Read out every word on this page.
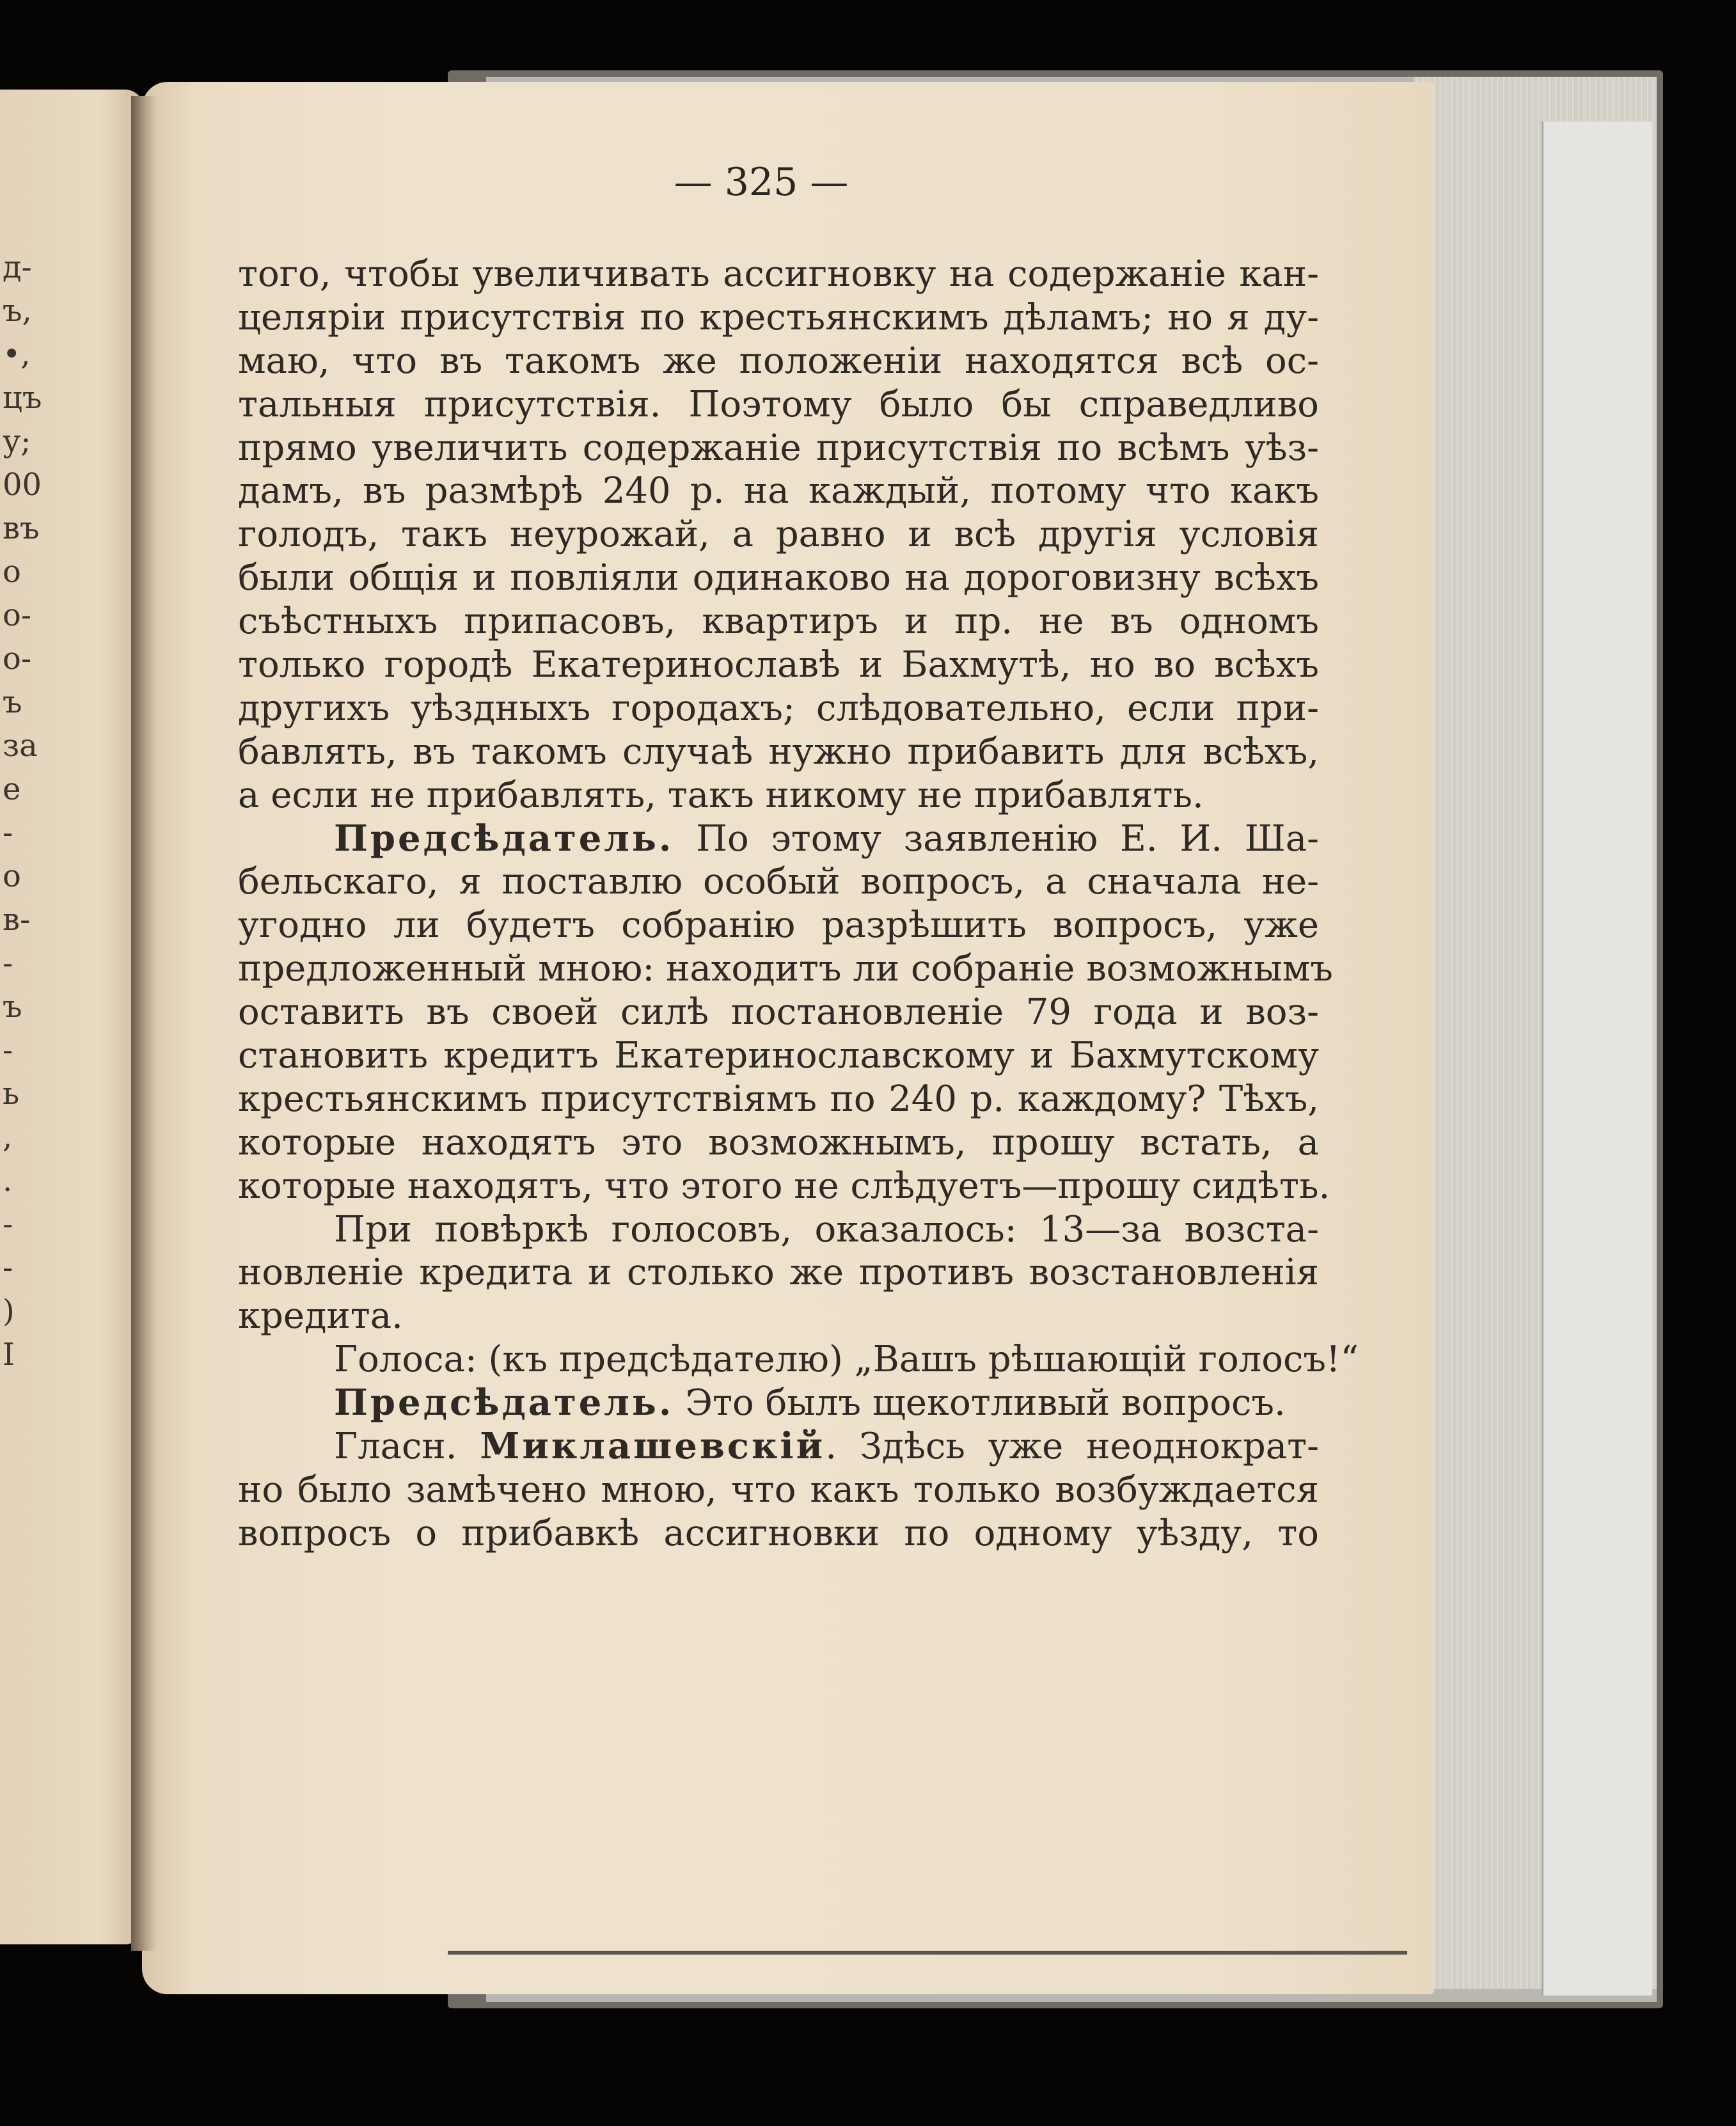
д-
ъ,
•,
цъ
у;
00
въ
о
о-
о-
ъ
за
е
-
о
в-
-
ъ
-
ь
,
.
-
-
)
I
— 325 —
того, чтобы увеличивать ассигновку на содержаніе кан-
целяріи присутствія по крестьянскимъ дѣламъ; но я ду-
маю, что въ такомъ же положеніи находятся всѣ ос-
тальныя присутствія. Поэтому было бы справедливо
прямо увеличить содержаніе присутствія по всѣмъ уѣз-
дамъ, въ размѣрѣ 240 р. на каждый, потому что какъ
голодъ, такъ неурожай, а равно и всѣ другія условія
были общія и повліяли одинаково на дороговизну всѣхъ
съѣстныхъ припасовъ, квартиръ и пр. не въ одномъ
только городѣ Екатеринославѣ и Бахмутѣ, но во всѣхъ
другихъ уѣздныхъ городахъ; слѣдовательно, если при-
бавлять, въ такомъ случаѣ нужно прибавить для всѣхъ,
а если не прибавлять, такъ никому не прибавлять.
Предсѣдатель. По этому заявленію Е. И. Ша-
бельскаго, я поставлю особый вопросъ, а сначала не-
угодно ли будетъ собранію разрѣшить вопросъ, уже
предложенный мною: находитъ ли собраніе возможнымъ
оставить въ своей силѣ постановленіе 79 года и воз-
становить кредитъ Екатеринославскому и Бахмутскому
крестьянскимъ присутствіямъ по 240 р. каждому? Тѣхъ,
которые находятъ это возможнымъ, прошу встать, а
которые находятъ, что этого не слѣдуетъ—прошу сидѣть.
При повѣркѣ голосовъ, оказалось: 13—за возста-
новленіе кредита и столько же противъ возстановленія
кредита.
Голоса: (къ предсѣдателю) „Вашъ рѣшающій голосъ!“
Предсѣдатель. Это былъ щекотливый вопросъ.
Гласн. Миклашевскій. Здѣсь уже неоднократ-
но было замѣчено мною, что какъ только возбуждается
вопросъ о прибавкѣ ассигновки по одному уѣзду, то
